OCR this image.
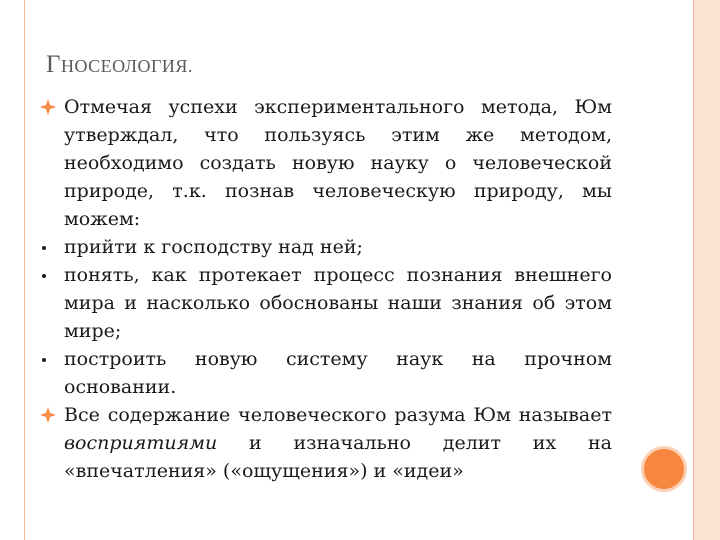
ГНОСЕОЛОГИЯ.

Отмечая успехи экспериментального метода, Юм утверждал, что пользуясь этим же методом, необходимо создать новую науку о человеческой природе, т.к. познав человеческую природу, мы можем:

прийти к господству над ней;

понять, как протекает процесс познания внешнего мира и насколько обоснованы наши знания об этом мире;

построить новую систему наук на прочном основании.

Все содержание человеческого разума Юм называет восприятиями и изначально делит их на «впечатления» («ощущения») и «идеи»
